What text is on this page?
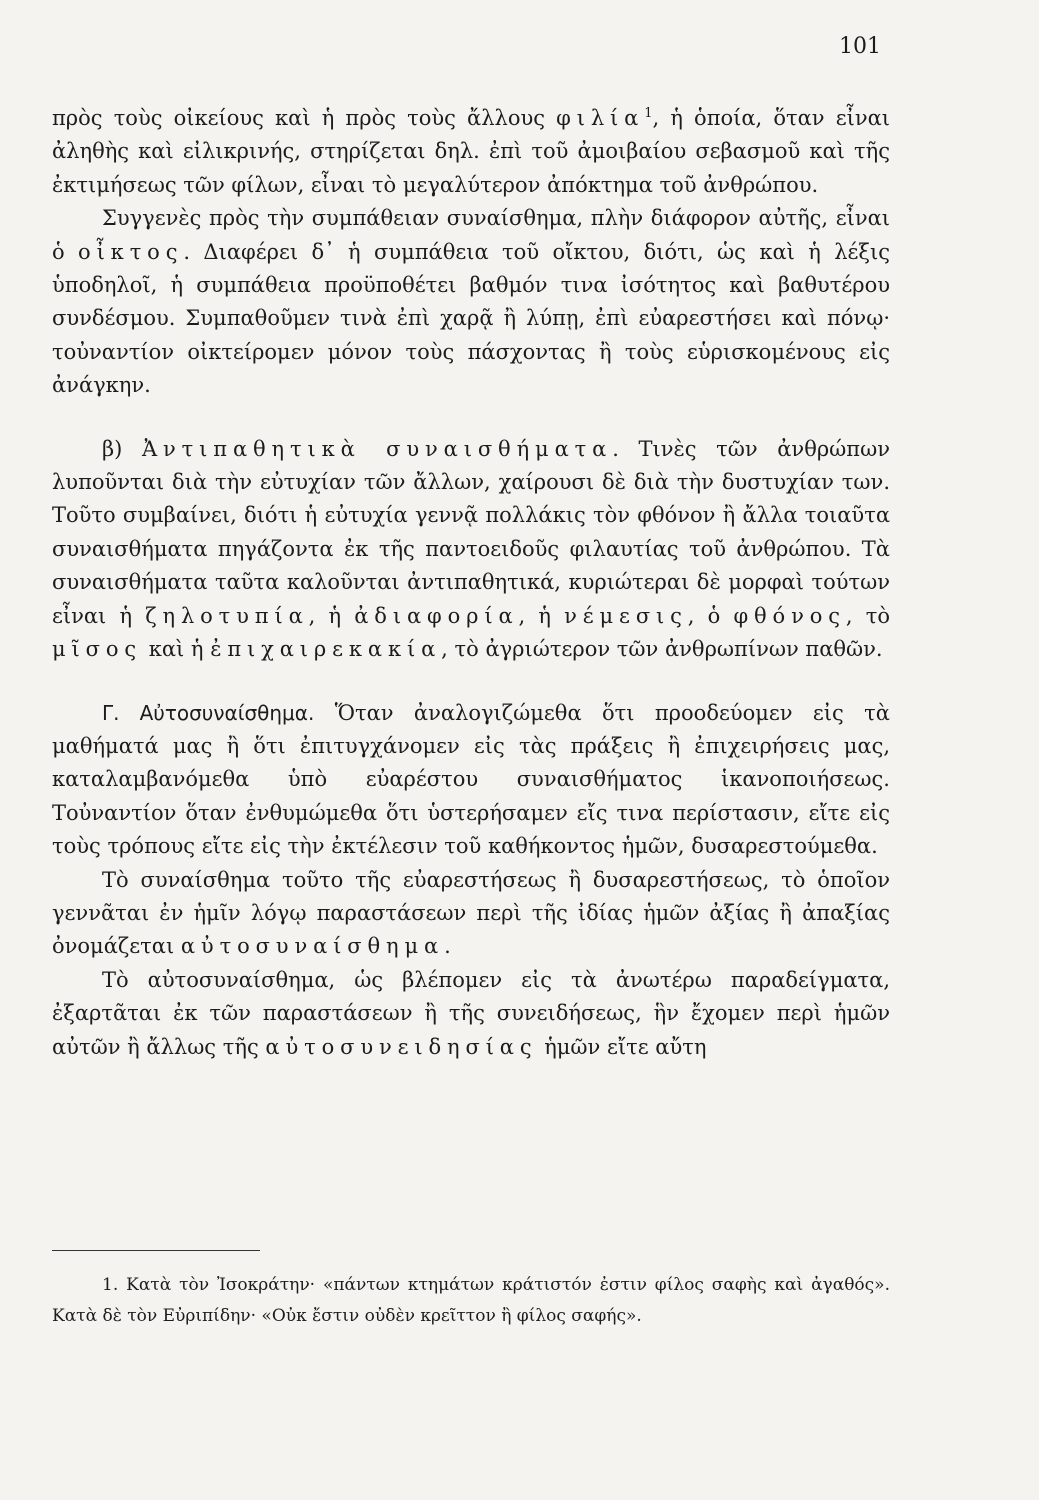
101

πρὸς τοὺς οἰκείους καὶ ἡ πρὸς τοὺς ἄλλους φιλία$^1$, ἡ ὁποία, ὅταν εἶναι ἀληθὴς καὶ εἰλικρινής, στηρίζεται δηλ. ἐπὶ τοῦ ἀμοιβαίου σεβασμοῦ καὶ τῆς ἐκτιμήσεως τῶν φίλων, εἶναι τὸ μεγαλύτερον ἀπόκτημα τοῦ ἀνθρώπου.

Συγγενὲς πρὸς τὴν συμπάθειαν συναίσθημα, πλὴν διάφορον αὐτῆς, εἶναι ὁ οἶκτος. Διαφέρει δ᾽ ἡ συμπάθεια τοῦ οἴκτου, διότι, ὡς καὶ ἡ λέξις ὑποδηλοῖ, ἡ συμπάθεια προϋποθέτει βαθμόν τινα ἰσότητος καὶ βαθυτέρου συνδέσμου. Συμπαθοῦμεν τινὰ ἐπὶ χαρᾷ ἢ λύπῃ, ἐπὶ εὐαρεστήσει καὶ πόνῳ· τοὐναντίον οἰκτείρομεν μόνον τοὺς πάσχοντας ἢ τοὺς εὑρισκομένους εἰς ἀνάγκην.

β) Ἀντιπαθητικὰ συναισθήματα. Τινὲς τῶν ἀνθρώπων λυποῦνται διὰ τὴν εὐτυχίαν τῶν ἄλλων, χαίρουσι δὲ διὰ τὴν δυστυχίαν των. Τοῦτο συμβαίνει, διότι ἡ εὐτυχία γεννᾷ πολλάκις τὸν φθόνον ἢ ἄλλα τοιαῦτα συναισθήματα πηγάζοντα ἐκ τῆς παντοειδοῦς φιλαυτίας τοῦ ἀνθρώπου. Τὰ συναισθήματα ταῦτα καλοῦνται ἀντιπαθητικά, κυριώτεραι δὲ μορφαὶ τούτων εἶναι ἡ ζηλοτυπία, ἡ ἀδιαφορία, ἡ νέμεσις, ὁ φθόνος, τὸ μῖσος καὶ ἡ ἐπιχαιρεκακία, τὸ ἀγριώτερον τῶν ἀνθρωπίνων παθῶν.

Γ. Αὐτοσυναίσθημα. Ὅταν ἀναλογιζώμεθα ὅτι προοδεύομεν εἰς τὰ μαθήματά μας ἢ ὅτι ἐπιτυγχάνομεν εἰς τὰς πράξεις ἢ ἐπιχειρήσεις μας, καταλαμβανόμεθα ὑπὸ εὐαρέστου συναισθήματος ἱκανοποιήσεως. Τοὐναντίον ὅταν ἐνθυμώμεθα ὅτι ὑστερήσαμεν εἴς τινα περίστασιν, εἴτε εἰς τοὺς τρόπους εἴτε εἰς τὴν ἐκτέλεσιν τοῦ καθήκοντος ἡμῶν, δυσαρεστούμεθα.

Τὸ συναίσθημα τοῦτο τῆς εὐαρεστήσεως ἢ δυσαρεστήσεως, τὸ ὁποῖον γεννᾶται ἐν ἡμῖν λόγῳ παραστάσεων περὶ τῆς ἰδίας ἡμῶν ἀξίας ἢ ἀπαξίας ὀνομάζεται αὐτοσυναίσθημα.

Τὸ αὐτοσυναίσθημα, ὡς βλέπομεν εἰς τὰ ἀνωτέρω παραδείγματα, ἐξαρτᾶται ἐκ τῶν παραστάσεων ἢ τῆς συνειδήσεως, ἣν ἔχομεν περὶ ἡμῶν αὐτῶν ἢ ἄλλως τῆς αὐτοσυνειδησίας ἡμῶν εἴτε αὔτη

1. Κατὰ τὸν Ἰσοκράτην· «πάντων κτημάτων κράτιστόν ἐστιν φίλος σαφὴς καὶ ἀγαθός». Κατὰ δὲ τὸν Εὐριπίδην· «Οὐκ ἔστιν οὐδὲν κρεῖττον ἢ φίλος σαφής».
